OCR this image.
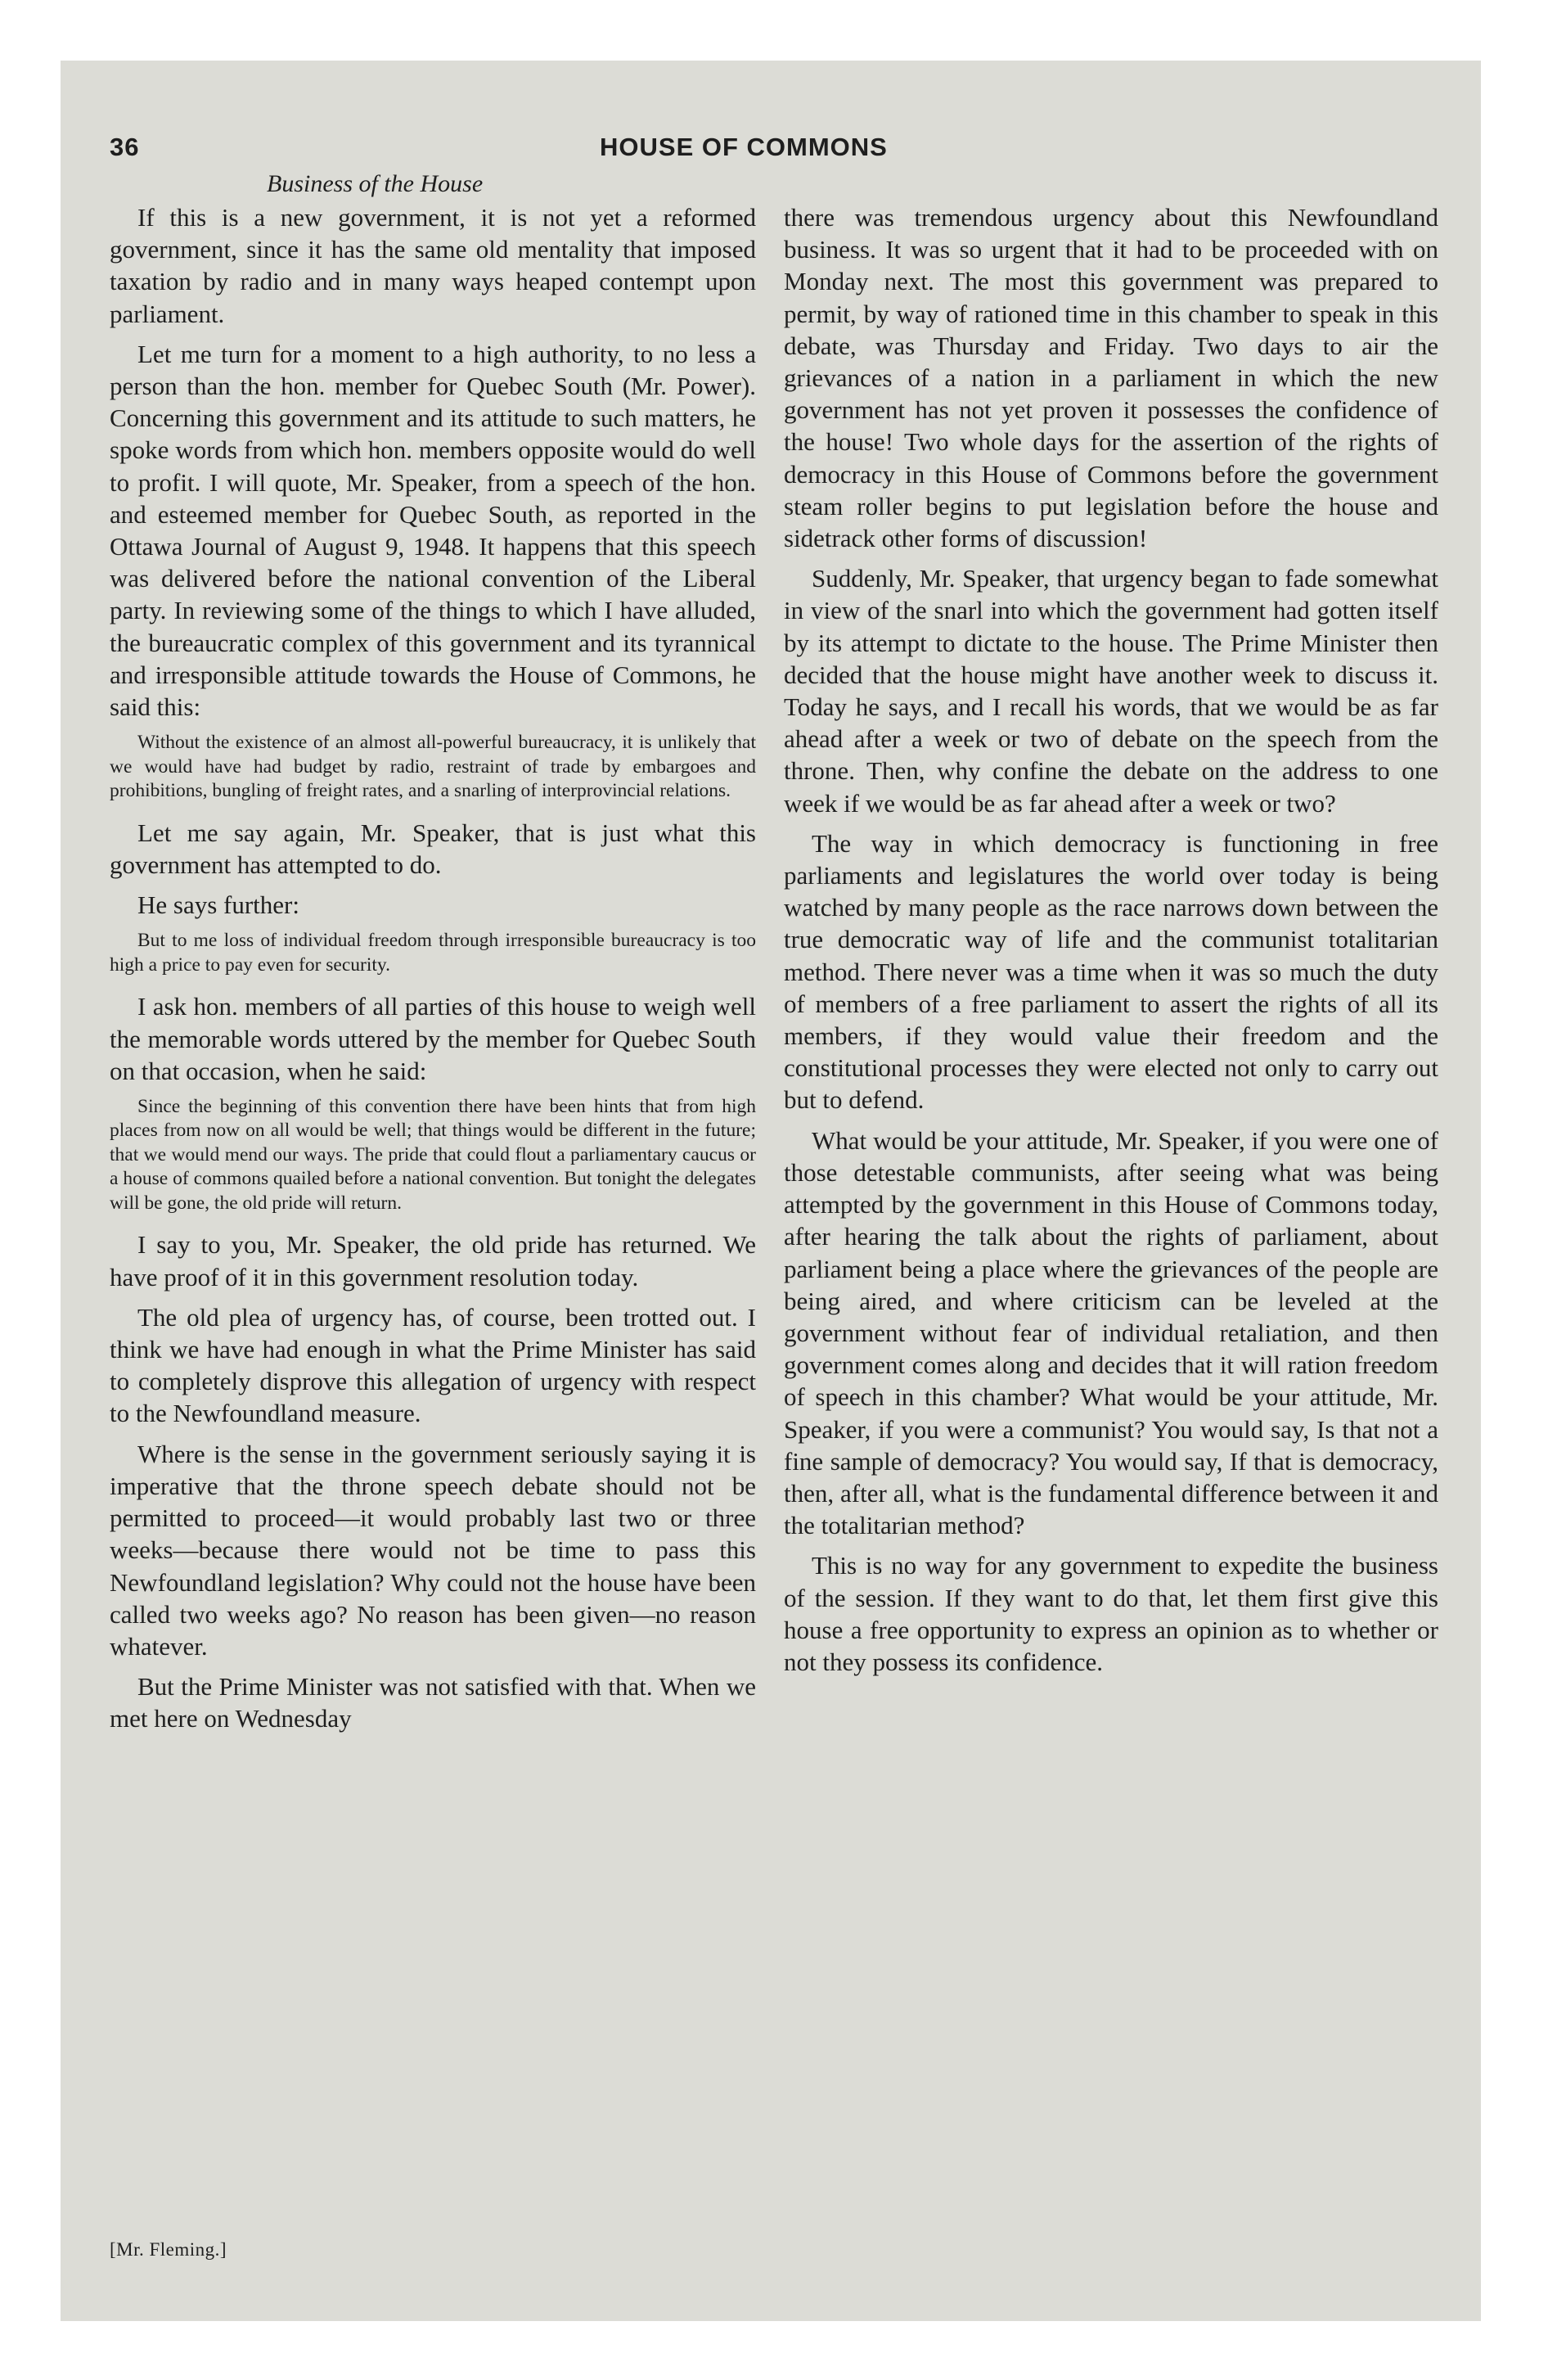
36	HOUSE OF COMMONS
Business of the House
If this is a new government, it is not yet a reformed government, since it has the same old mentality that imposed taxation by radio and in many ways heaped contempt upon parliament.
Let me turn for a moment to a high authority, to no less a person than the hon. member for Quebec South (Mr. Power). Concerning this government and its attitude to such matters, he spoke words from which hon. members opposite would do well to profit. I will quote, Mr. Speaker, from a speech of the hon. and esteemed member for Quebec South, as reported in the Ottawa Journal of August 9, 1948. It happens that this speech was delivered before the national convention of the Liberal party. In reviewing some of the things to which I have alluded, the bureaucratic complex of this government and its tyrannical and irresponsible attitude towards the House of Commons, he said this:
Without the existence of an almost all-powerful bureaucracy, it is unlikely that we would have had budget by radio, restraint of trade by embargoes and prohibitions, bungling of freight rates, and a snarling of interprovincial relations.
Let me say again, Mr. Speaker, that is just what this government has attempted to do.
He says further:
But to me loss of individual freedom through irresponsible bureaucracy is too high a price to pay even for security.
I ask hon. members of all parties of this house to weigh well the memorable words uttered by the member for Quebec South on that occasion, when he said:
Since the beginning of this convention there have been hints that from high places from now on all would be well; that things would be different in the future; that we would mend our ways. The pride that could flout a parliamentary caucus or a house of commons quailed before a national convention. But tonight the delegates will be gone, the old pride will return.
I say to you, Mr. Speaker, the old pride has returned. We have proof of it in this government resolution today.
The old plea of urgency has, of course, been trotted out. I think we have had enough in what the Prime Minister has said to completely disprove this allegation of urgency with respect to the Newfoundland measure.
Where is the sense in the government seriously saying it is imperative that the throne speech debate should not be permitted to proceed—it would probably last two or three weeks—because there would not be time to pass this Newfoundland legislation? Why could not the house have been called two weeks ago? No reason has been given—no reason whatever.
But the Prime Minister was not satisfied with that. When we met here on Wednesday
there was tremendous urgency about this Newfoundland business. It was so urgent that it had to be proceeded with on Monday next. The most this government was prepared to permit, by way of rationed time in this chamber to speak in this debate, was Thursday and Friday. Two days to air the grievances of a nation in a parliament in which the new government has not yet proven it possesses the confidence of the house! Two whole days for the assertion of the rights of democracy in this House of Commons before the government steam roller begins to put legislation before the house and sidetrack other forms of discussion!
Suddenly, Mr. Speaker, that urgency began to fade somewhat in view of the snarl into which the government had gotten itself by its attempt to dictate to the house. The Prime Minister then decided that the house might have another week to discuss it. Today he says, and I recall his words, that we would be as far ahead after a week or two of debate on the speech from the throne. Then, why confine the debate on the address to one week if we would be as far ahead after a week or two?
The way in which democracy is functioning in free parliaments and legislatures the world over today is being watched by many people as the race narrows down between the true democratic way of life and the communist totalitarian method. There never was a time when it was so much the duty of members of a free parliament to assert the rights of all its members, if they would value their freedom and the constitutional processes they were elected not only to carry out but to defend.
What would be your attitude, Mr. Speaker, if you were one of those detestable communists, after seeing what was being attempted by the government in this House of Commons today, after hearing the talk about the rights of parliament, about parliament being a place where the grievances of the people are being aired, and where criticism can be leveled at the government without fear of individual retaliation, and then government comes along and decides that it will ration freedom of speech in this chamber? What would be your attitude, Mr. Speaker, if you were a communist? You would say, Is that not a fine sample of democracy? You would say, If that is democracy, then, after all, what is the fundamental difference between it and the totalitarian method?
This is no way for any government to expedite the business of the session. If they want to do that, let them first give this house a free opportunity to express an opinion as to whether or not they possess its confidence.
[Mr. Fleming.]
